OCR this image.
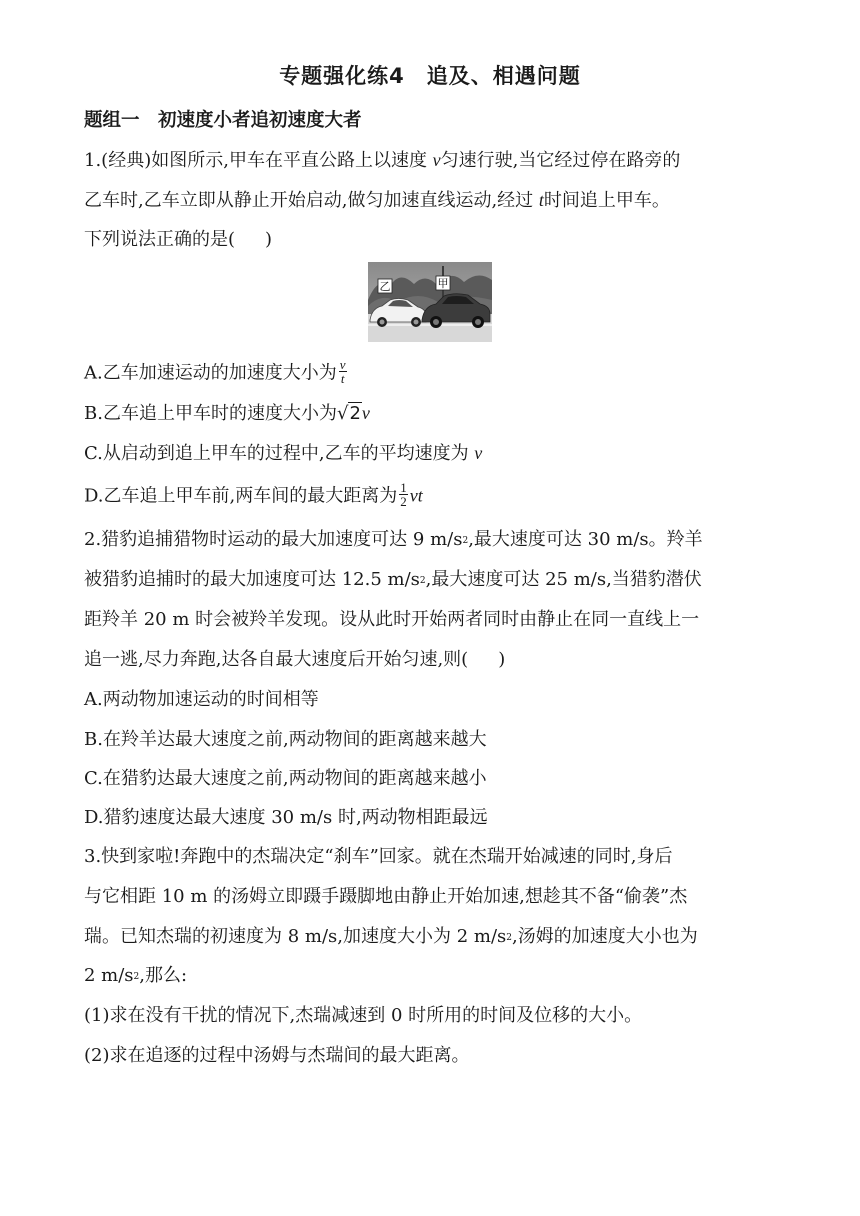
专题强化练4　追及、相遇问题
题组一　初速度小者追初速度大者
1.(经典)如图所示,甲车在平直公路上以速度 v匀速行驶,当它经过停在路旁的
乙车时,乙车立即从静止开始启动,做匀加速直线运动,经过 t时间追上甲车。
下列说法正确的是( )
乙	甲
A.乙车加速运动的加速度大小为 $\frac{v}{t}$
B.乙车追上甲车时的速度大小为√2v
C.从启动到追上甲车的过程中,乙车的平均速度为 v
D.乙车追上甲车前,两车间的最大距离为 $\frac{1}{2}$ vt
2.猎豹追捕猎物时运动的最大加速度可达 9 $m/s^2$,最大速度可达 30 m/s。羚羊
被猎豹追捕时的最大加速度可达 12.5 $m/s^2$,最大速度可达 25 m/s,当猎豹潜伏
距羚羊 20 m 时会被羚羊发现。设从此时开始两者同时由静止在同一直线上一
追一逃,尽力奔跑,达各自最大速度后开始匀速,则( )
A.两动物加速运动的时间相等
B.在羚羊达最大速度之前,两动物间的距离越来越大
C.在猎豹达最大速度之前,两动物间的距离越来越小
D.猎豹速度达最大速度 30 m/s 时,两动物相距最远
3.快到家啦!奔跑中的杰瑞决定“刹车”回家。就在杰瑞开始减速的同时,身后
与它相距 10 m 的汤姆立即蹑手蹑脚地由静止开始加速,想趁其不备“偷袭”杰
瑞。已知杰瑞的初速度为 8 m/s,加速度大小为 2 $m/s^2$,汤姆的加速度大小也为
2 $m/s^2$,那么:
(1)求在没有干扰的情况下,杰瑞减速到 0 时所用的时间及位移的大小。
(2)求在追逐的过程中汤姆与杰瑞间的最大距离。
